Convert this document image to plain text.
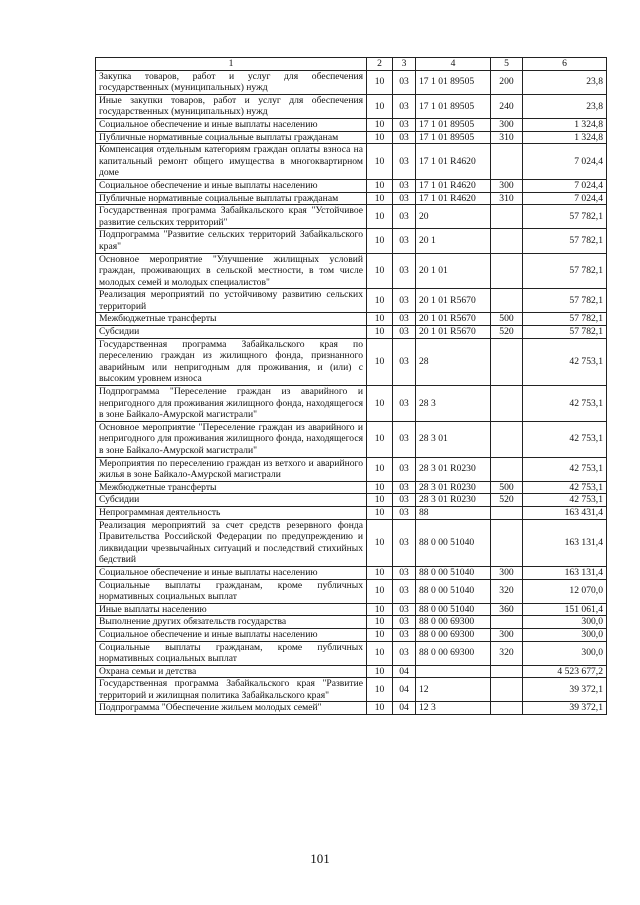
1	2	3	4	5	6
Закупка товаров, работ и услуг для обеспечения государственных (муниципальных) нужд	10	03	17 1 01 89505	200	23,8
Иные закупки товаров, работ и услуг для обеспечения государственных (муниципальных) нужд	10	03	17 1 01 89505	240	23,8
Социальное обеспечение и иные выплаты населению	10	03	17 1 01 89505	300	1 324,8
Публичные нормативные социальные выплаты гражданам	10	03	17 1 01 89505	310	1 324,8
Компенсация отдельным категориям граждан оплаты взноса на капитальный ремонт общего имущества в многоквартирном доме	10	03	17 1 01 R4620		7 024,4
Социальное обеспечение и иные выплаты населению	10	03	17 1 01 R4620	300	7 024,4
Публичные нормативные социальные выплаты гражданам	10	03	17 1 01 R4620	310	7 024,4
Государственная программа Забайкальского края "Устойчивое развитие сельских территорий"	10	03	20		57 782,1
Подпрограмма "Развитие сельских территорий Забайкальского края"	10	03	20 1		57 782,1
Основное мероприятие "Улучшение жилищных условий граждан, проживающих в сельской местности, в том числе молодых семей и молодых специалистов"	10	03	20 1 01		57 782,1
Реализация мероприятий по устойчивому развитию сельских территорий	10	03	20 1 01 R5670		57 782,1
Межбюджетные трансферты	10	03	20 1 01 R5670	500	57 782,1
Субсидии	10	03	20 1 01 R5670	520	57 782,1
Государственная программа Забайкальского края по переселению граждан из жилищного фонда, признанного аварийным или непригодным для проживания, и (или) с высоким уровнем износа	10	03	28		42 753,1
Подпрограмма "Переселение граждан из аварийного и непригодного для проживания жилищного фонда, находящегося в зоне Байкало-Амурской магистрали"	10	03	28 3		42 753,1
Основное мероприятие "Переселение граждан из аварийного и непригодного для проживания жилищного фонда, находящегося в зоне Байкало-Амурской магистрали"	10	03	28 3 01		42 753,1
Мероприятия по переселению граждан из ветхого и аварийного жилья в зоне Байкало-Амурской магистрали	10	03	28 3 01 R0230		42 753,1
Межбюджетные трансферты	10	03	28 3 01 R0230	500	42 753,1
Субсидии	10	03	28 3 01 R0230	520	42 753,1
Непрограммная деятельность	10	03	88		163 431,4
Реализация мероприятий за счет средств резервного фонда Правительства Российской Федерации по предупреждению и ликвидации чрезвычайных ситуаций и последствий стихийных бедствий	10	03	88 0 00 51040		163 131,4
Социальное обеспечение и иные выплаты населению	10	03	88 0 00 51040	300	163 131,4
Социальные выплаты гражданам, кроме публичных нормативных социальных выплат	10	03	88 0 00 51040	320	12 070,0
Иные выплаты населению	10	03	88 0 00 51040	360	151 061,4
Выполнение других обязательств государства	10	03	88 0 00 69300		300,0
Социальное обеспечение и иные выплаты населению	10	03	88 0 00 69300	300	300,0
Социальные выплаты гражданам, кроме публичных нормативных социальных выплат	10	03	88 0 00 69300	320	300,0
Охрана семьи и детства	10	04			4 523 677,2
Государственная программа Забайкальского края "Развитие территорий и жилищная политика Забайкальского края"	10	04	12		39 372,1
Подпрограмма "Обеспечение жильем молодых семей"	10	04	12 3		39 372,1
101
